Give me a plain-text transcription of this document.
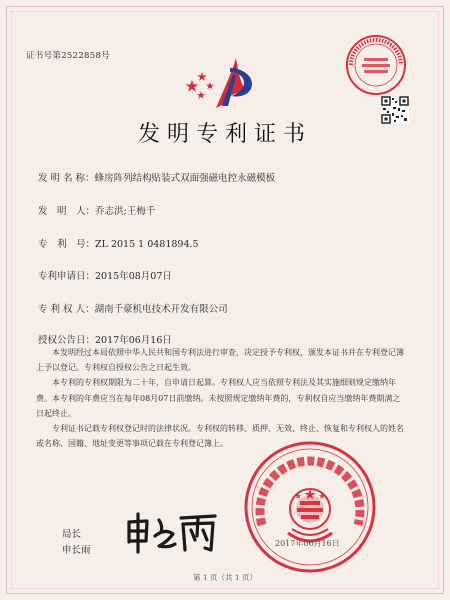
证书号第2522858号
发明专利证书
发 明 名 称：蜂房阵列结构贴装式双面强磁电控永磁模板
发　明　人：乔志洪;王梅千
专　利　号：ZL 2015 1 0481894.5
专利申请日：2015年08月07日
专 利 权 人：湖南千豪机电技术开发有限公司
授权公告日：2017年06月16日

本发明经过本局依照中华人民共和国专利法进行审查，决定授予专利权，颁发本证书并在专利登记簿上予以登记。专利权自授权公告之日起生效。

本专利的专利权期限为二十年，自申请日起算。专利权人应当依照专利法及其实施细则规定缴纳年费。本专利的年费应当在每年08月07日前缴纳。未按照规定缴纳年费的，专利权自应当缴纳年费期满之日起终止。

专利证书记载专利权登记时的法律状况。专利权的转移、质押、无效、终止、恢复和专利权人的姓名或名称、国籍、地址变更等事项记载在专利登记簿上。

局长
申长雨
2017年06月16日
第 1 页（共 1 页）
